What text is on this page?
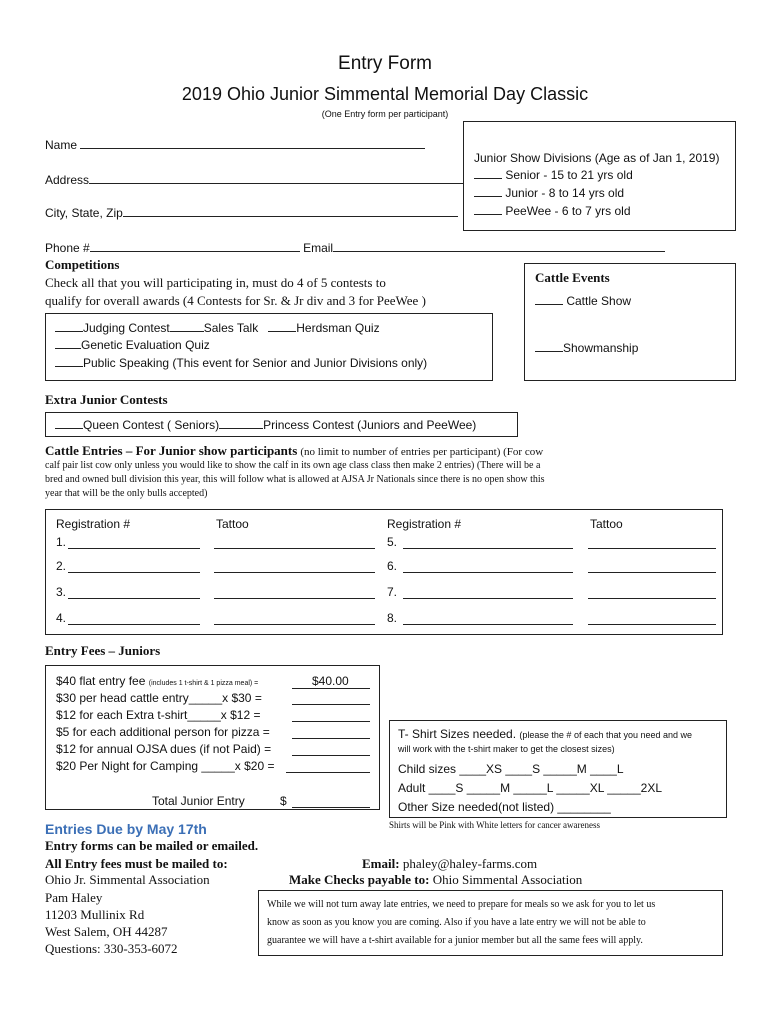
Entry Form
2019 Ohio Junior Simmental Memorial Day Classic
(One Entry form per participant)
Name
Address
City, State, Zip
Phone #	Email
Junior Show Divisions (Age as of Jan 1, 2019)
Senior - 15 to 21 yrs old
Junior - 8 to 14 yrs old
PeeWee - 6 to 7 yrs old
Competitions
Check all that you will participating in, must do 4 of 5 contests to
qualify for overall awards (4 Contests for Sr. & Jr div and 3 for PeeWee )
Judging Contest	Sales Talk	Herdsman Quiz
Genetic Evaluation Quiz
Public Speaking (This event for Senior and Junior Divisions only)
Cattle Events
Cattle Show
Showmanship
Extra Junior Contests
Queen Contest ( Seniors)	Princess Contest (Juniors and PeeWee)
Cattle Entries – For Junior show participants (no limit to number of entries per participant) (For cow
calf pair list cow only unless you would like to show the calf in its own age class class then make 2 entries) (There will be a
bred and owned bull division this year, this will follow what is allowed at AJSA Jr Nationals since there is no open show this
year that will be the only bulls accepted)
Registration #	Tattoo	Registration #	Tattoo
1.
2.
3.
4.
5.
6.
7.
8.
Entry Fees – Juniors
$40 flat entry fee (includes 1 t-shirt & 1 pizza meal) =	$40.00
$30 per head cattle entry_____x $30 =
$12 for each Extra t-shirt_____x $12 =
$5 for each additional person for pizza =
$12 for annual OJSA dues (if not Paid) =
$20 Per Night for Camping _____x $20 =
Total Junior Entry	$
T- Shirt Sizes needed. (please the # of each that you need and we
will work with the t-shirt maker to get the closest sizes)
Child sizes ____XS ____S _____M ____L
Adult ____S _____M _____L _____XL _____2XL
Other Size needed(not listed) ________
Shirts will be Pink with White letters for cancer awareness
Entries Due by May 17th
Entry forms can be mailed or emailed.
All Entry fees must be mailed to:	Email: phaley@haley-farms.com
Ohio Jr. Simmental Association	Make Checks payable to: Ohio Simmental Association
Pam Haley
11203 Mullinix Rd
West Salem, OH 44287
Questions: 330-353-6072
While we will not turn away late entries, we need to prepare for meals so we ask for you to let us
know as soon as you know you are coming. Also if you have a late entry we will not be able to
guarantee we will have a t-shirt available for a junior member but all the same fees will apply.
